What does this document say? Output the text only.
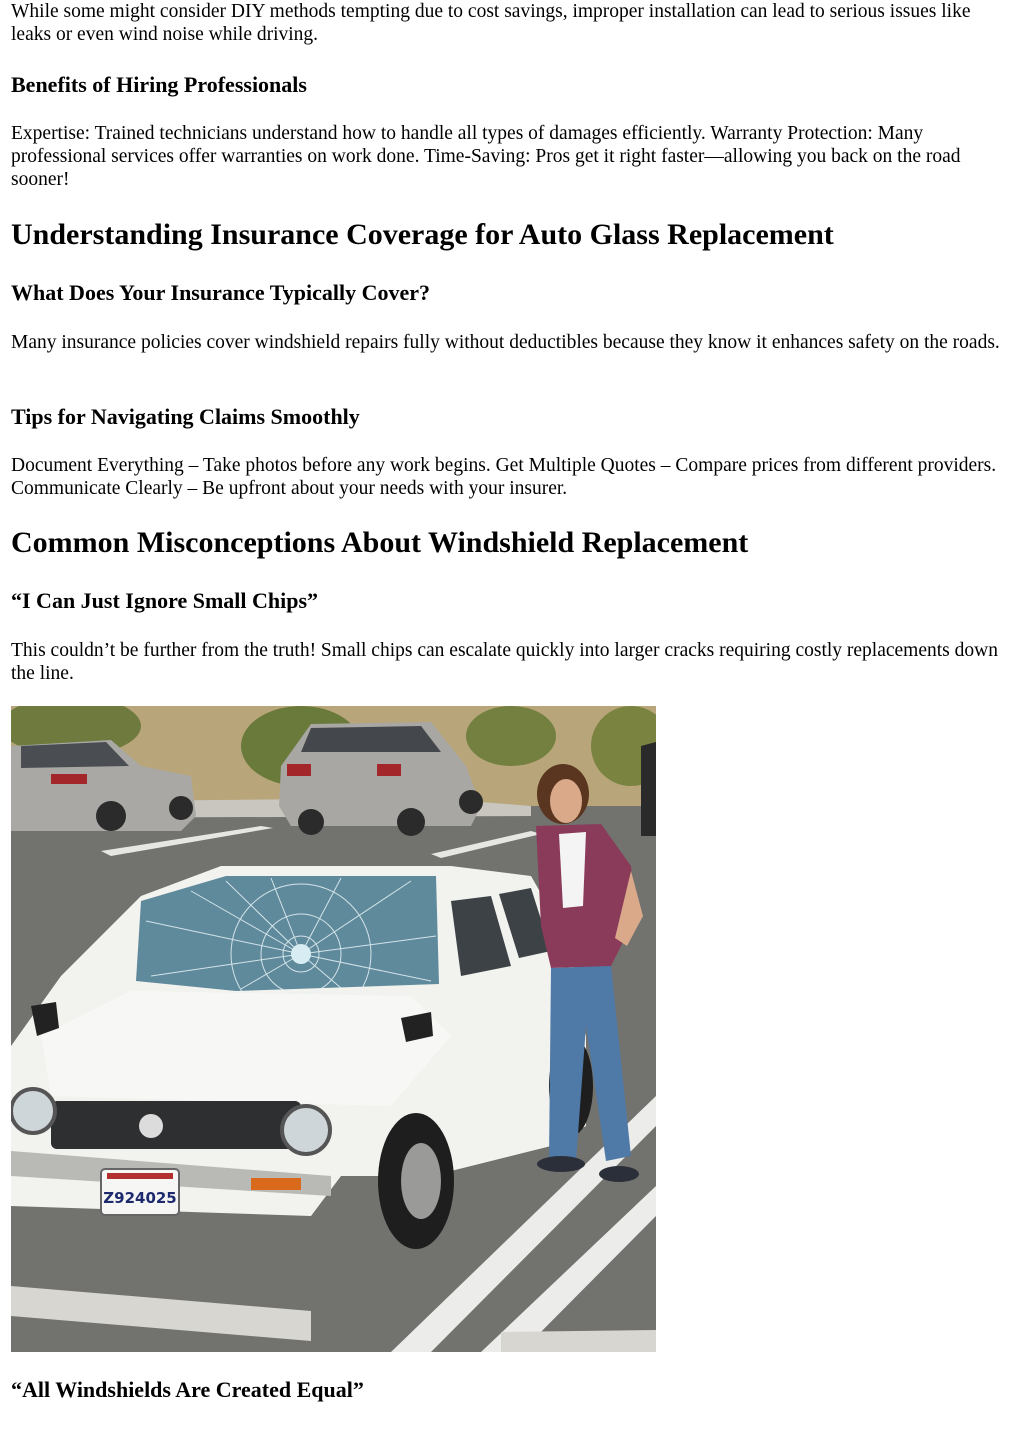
While some might consider DIY methods tempting due to cost savings, improper installation can lead to serious issues like leaks or even wind noise while driving.

Benefits of Hiring Professionals

Expertise: Trained technicians understand how to handle all types of damages efficiently. Warranty Protection: Many professional services offer warranties on work done. Time-Saving: Pros get it right faster—allowing you back on the road sooner!

Understanding Insurance Coverage for Auto Glass Replacement
What Does Your Insurance Typically Cover?

Many insurance policies cover windshield repairs fully without deductibles because they know it enhances safety on the roads.

Tips for Navigating Claims Smoothly

Document Everything – Take photos before any work begins. Get Multiple Quotes – Compare prices from different providers. Communicate Clearly – Be upfront about your needs with your insurer.

Common Misconceptions About Windshield Replacement
“I Can Just Ignore Small Chips”

This couldn’t be further from the truth! Small chips can escalate quickly into larger cracks requiring costly replacements down the line.

Z924025
“All Windshields Are Created Equal”
